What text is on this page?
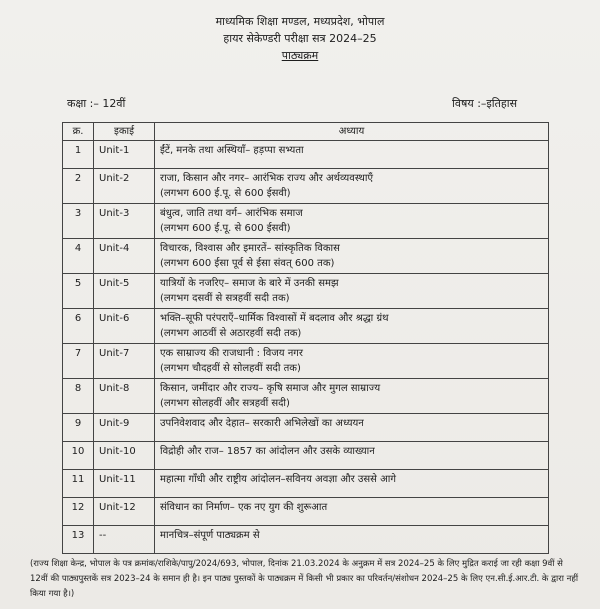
माध्यमिक शिक्षा मण्डल, मध्यप्रदेश, भोपाल
हायर सेकेण्डरी परीक्षा सत्र 2024–25
पाठ्यक्रम
कक्षा :– 12वीं	विषय :–इतिहास
क्र.	इकाई	अध्याय
1	Unit-1	ईंटें, मनके तथा अस्थियाँ– हड़प्पा सभ्यता

2	Unit-2	राजा, किसान और नगर– आरंभिक राज्य और अर्थव्यवस्थाएँ
(लगभग 600 ई.पू. से 600 ईसवी)

3	Unit-3	बंधुत्व, जाति तथा वर्ग– आरंभिक समाज
(लगभग 600 ई.पू. से 600 ईसवी)

4	Unit-4	विचारक, विश्वास और इमारतें– सांस्कृतिक विकास
(लगभग 600 ईसा पूर्व से ईसा संवत् 600 तक)

5	Unit-5	यात्रियों के नजरिए– समाज के बारे में उनकी समझ
(लगभग दसवीं से सत्रहवीं सदी तक)

6	Unit-6	भक्ति–सूफी परंपराएँ–धार्मिक विश्वासों में बदलाव और श्रद्धा ग्रंथ
(लगभग आठवीं से अठारहवीं सदी तक)

7	Unit-7	एक साम्राज्य की राजधानी : विजय नगर
(लगभग चौदहवीं से सोलहवीं सदी तक)

8	Unit-8	किसान, जमींदार और राज्य– कृषि समाज और मुगल साम्राज्य
(लगभग सोलहवीं और सत्रहवीं सदी)

9	Unit-9	उपनिवेशवाद और देहात– सरकारी अभिलेखों का अध्ययन

10	Unit-10	विद्रोही और राज– 1857 का आंदोलन और उसके व्याख्यान

11	Unit-11	महात्मा गाँधी और राष्ट्रीय आंदोलन–सविनय अवज्ञा और उससे आगे

12	Unit-12	संविधान का निर्माण– एक नए युग की शुरूआत

13	--	मानचित्र–संपूर्ण पाठ्यक्रम से
(राज्य शिक्षा केन्द्र, भोपाल के पत्र क्रमांक/राशिके/पापु/2024/693, भोपाल, दिनांक 21.03.2024 के अनुक्रम में सत्र 2024–25 के लिए मुद्रित कराई जा रही कक्षा 9वीं से 12वीं की पाठ्यपुस्तकें सत्र 2023–24 के समान ही है। इन पाठ्य पुस्तकों के पाठ्यक्रम में किसी भी प्रकार का परिवर्तन/संशोधन 2024–25 के लिए एन.सी.ई.आर.टी. के द्वारा नहीं किया गया है।)
